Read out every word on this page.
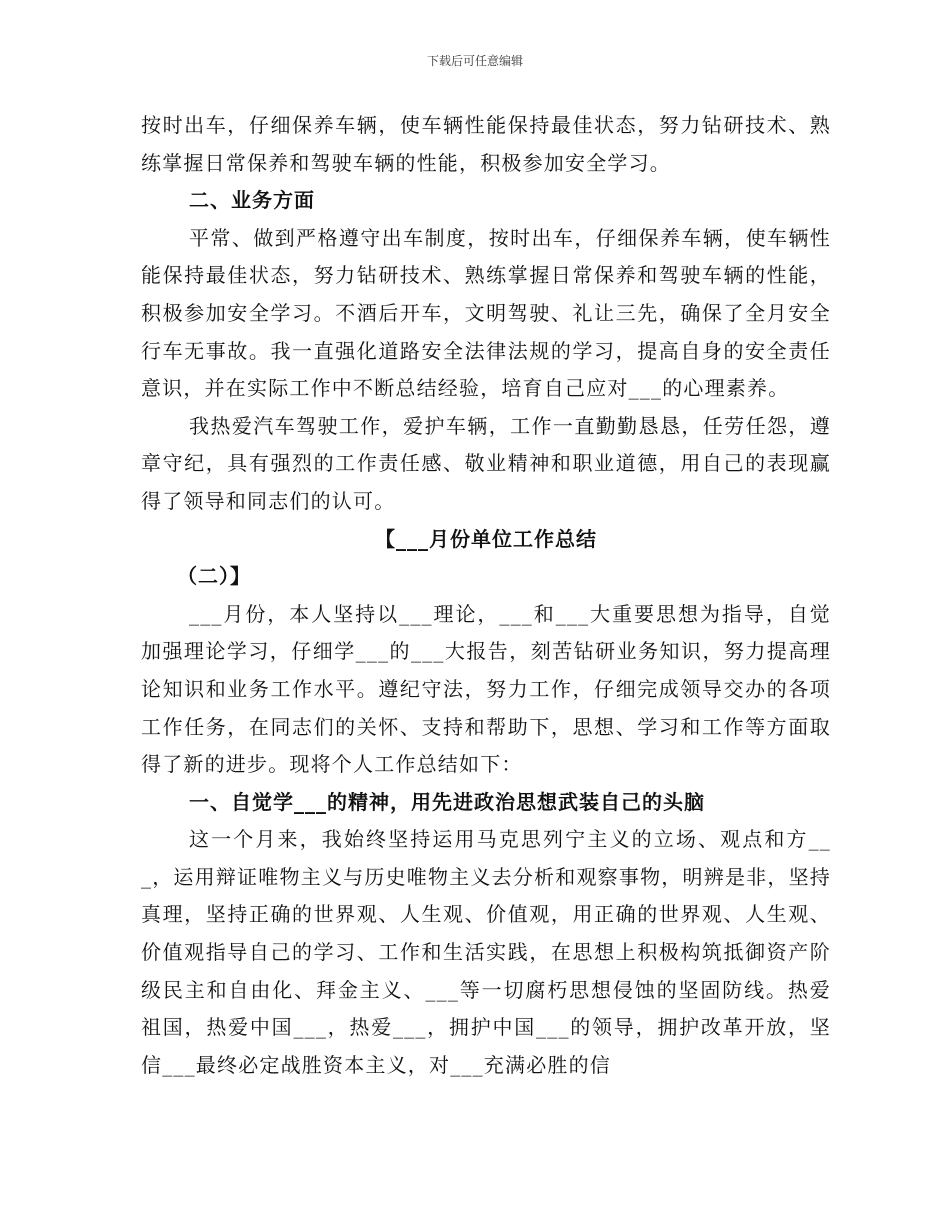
下载后可任意编辑

按时出车，仔细保养车辆，使车辆性能保持最佳状态，努力钻研技术、熟练掌握日常保养和驾驶车辆的性能，积极参加安全学习。

二、业务方面

平常、做到严格遵守出车制度，按时出车，仔细保养车辆，使车辆性能保持最佳状态，努力钻研技术、熟练掌握日常保养和驾驶车辆的性能，积极参加安全学习。不酒后开车，文明驾驶、礼让三先，确保了全月安全行车无事故。我一直强化道路安全法律法规的学习，提高自身的安全责任意识，并在实际工作中不断总结经验，培育自己应对___的心理素养。

我热爱汽车驾驶工作，爱护车辆，工作一直勤勤恳恳，任劳任怨，遵章守纪，具有强烈的工作责任感、敬业精神和职业道德，用自己的表现赢得了领导和同志们的认可。

【___月份单位工作总结

（二）】

___月份，本人坚持以___理论，___和___大重要思想为指导，自觉加强理论学习，仔细学___的___大报告，刻苦钻研业务知识，努力提高理论知识和业务工作水平。遵纪守法，努力工作，仔细完成领导交办的各项工作任务，在同志们的关怀、支持和帮助下，思想、学习和工作等方面取得了新的进步。现将个人工作总结如下：

一、自觉学___的精神，用先进政治思想武装自己的头脑

这一个月来，我始终坚持运用马克思列宁主义的立场、观点和方___，运用辩证唯物主义与历史唯物主义去分析和观察事物，明辨是非，坚持真理，坚持正确的世界观、人生观、价值观，用正确的世界观、人生观、价值观指导自己的学习、工作和生活实践，在思想上积极构筑抵御资产阶级民主和自由化、拜金主义、___等一切腐朽思想侵蚀的坚固防线。热爱祖国，热爱中国___，热爱___，拥护中国___的领导，拥护改革开放，坚信___最终必定战胜资本主义，对___充满必胜的信
